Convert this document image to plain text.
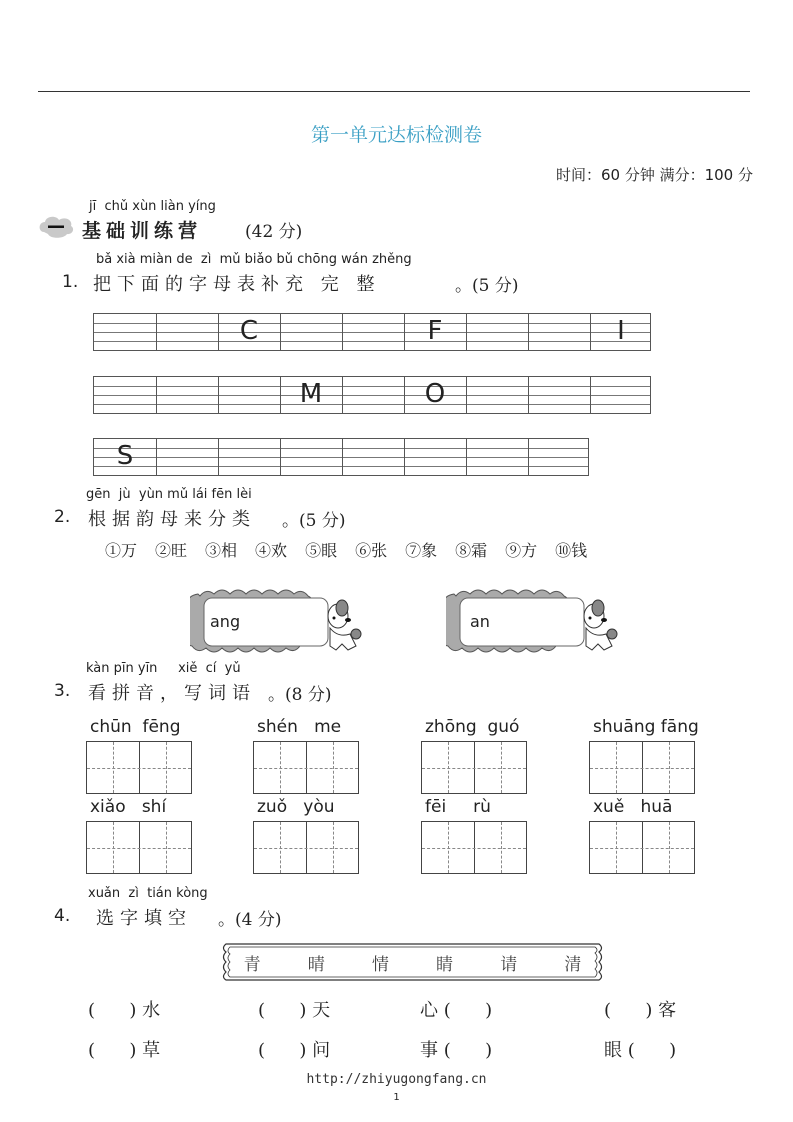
第一单元达标检测卷
时间：60 分钟 满分：100 分
jī  chǔ xùn liàn yíng
基础训练营	(42 分)
bǎ xià miàn de  zì  mǔ biǎo bǔ chōng wán zhěng
1. 把下面的字母表补充 完 整	。(5 分)
C	F	I
M	O
S
gēn  jù  yùn mǔ lái fēn lèi
2. 根据韵母来分类 。(5 分)
①万 ②旺 ③相 ④欢 ⑤眼 ⑥张 ⑦象 ⑧霜 ⑨方 ⑩钱
ang	an
kàn pīn yīn     xiě  cí  yǔ
3. 看拼音，写词语 。(8 分)
chūn  fēng	shén   me	zhōng  guó	shuāng fāng
xiǎo   shí	zuǒ   yòu	fēi     rù	xuě   huā
xuǎn  zì  tián kòng
4. 选字填空 。(4 分)
青	晴	情	睛	请	清
(      ) 水	(      ) 天	心 (      )	(      ) 客
(      ) 草	(      ) 问	事 (      )	眼 (      )
http://zhiyugongfang.cn
1
